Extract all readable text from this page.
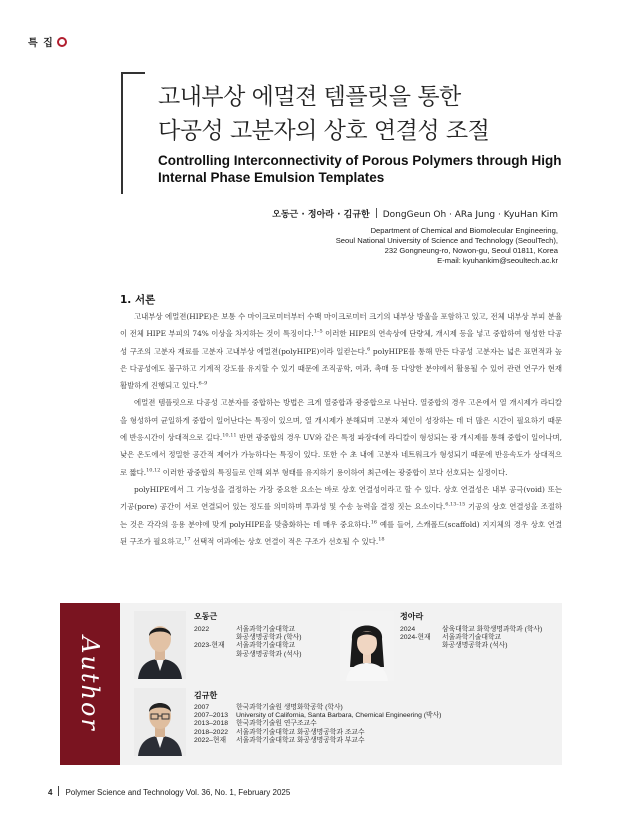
특 집
고내부상 에멀젼 템플릿을 통한
다공성 고분자의 상호 연결성 조절
Controlling Interconnectivity of Porous Polymers through High Internal Phase Emulsion Templates
오동근 · 정아라 · 김규한 DongGeun Oh · ARa Jung · KyuHan Kim
Department of Chemical and Biomolecular Engineering,
Seoul National University of Science and Technology (SeoulTech),
232 Gongneung-ro, Nowon-gu, Seoul 01811, Korea
E-mail: kyuhankim@seoultech.ac.kr
1. 서론

고내부상 에멀젼(HIPE)은 보통 수 마이크로미터부터 수백 마이크로미터 크기의 내부상 방울을 포함하고 있고, 전체 내부상 부피 분율이 전체 HIPE 부피의 74% 이상을 차지하는 것이 특징이다.$^{1-5}$ 이러한 HIPE의 연속상에 단량체, 개시제 등을 넣고 중합하여 형성한 다공성 구조의 고분자 재료를 고분자 고내부상 에멀젼(polyHIPE)이라 일컫는다.$^6$ polyHIPE를 통해 만든 다공성 고분자는 넓은 표면적과 높은 다공성에도 불구하고 기계적 강도를 유지할 수 있기 때문에 조직공학, 여과, 촉매 등 다양한 분야에서 활용될 수 있어 관련 연구가 현재 활발하게 진행되고 있다.$^{6-9}$

에멀젼 템플릿으로 다공성 고분자를 중합하는 방법은 크게 열중합과 광중합으로 나뉜다. 열중합의 경우 고온에서 열 개시제가 라디칼을 형성하여 균일하게 중합이 일어난다는 특징이 있으며, 열 개시제가 분해되며 고분자 체인이 성장하는 데 더 많은 시간이 필요하기 때문에 반응시간이 상대적으로 길다.$^{10,11}$ 반면 광중합의 경우 UV와 같은 특정 파장대에 라디칼이 형성되는 광 개시제를 통해 중합이 일어나며, 낮은 온도에서 정밀한 공간적 제어가 가능하다는 특징이 있다. 또한 수 초 내에 고분자 네트워크가 형성되기 때문에 반응속도가 상대적으로 짧다.$^{10,12}$ 이러한 광중합의 특징들로 인해 외부 형태를 유지하기 용이하여 최근에는 광중합이 보다 선호되는 실정이다.

polyHIPE에서 그 기능성을 결정하는 가장 중요한 요소는 바로 상호 연결성이라고 할 수 있다. 상호 연결성은 내부 공극(void) 또는 기공(pore) 공간이 서로 연결되어 있는 정도를 의미하며 투과성 및 수송 능력을 결정 짓는 요소이다.$^{6,13-15}$ 기공의 상호 연결성을 조절하는 것은 각각의 응용 분야에 맞게 polyHIPE을 맞춤화하는 데 매우 중요하다.$^{16}$ 예를 들어, 스캐폴드(scaffold) 지지체의 경우 상호 연결된 구조가 필요하고,$^{17}$ 선택적 여과에는 상호 연결이 적은 구조가 선호될 수 있다.$^{18}$

Author
오동근
2022	서울과학기술대학교
화공생명공학과 (학사)
2023-현재	서울과학기술대학교
화공생명공학과 (석사)
정아라
2024	삼육대학교 화학생명과학과 (학사)
2024-현재	서울과학기술대학교
화공생명공학과 (석사)
김규한
2007	한국과학기술원 생명화학공학 (학사)
2007–2013	University of California, Santa Barbara, Chemical Engineering (박사)
2013–2018	한국과학기술원 연구조교수
2018–2022	서울과학기술대학교 화공생명공학과 조교수
2022–현재	서울과학기술대학교 화공생명공학과 부교수
4 Polymer Science and Technology Vol. 36, No. 1, February 2025
